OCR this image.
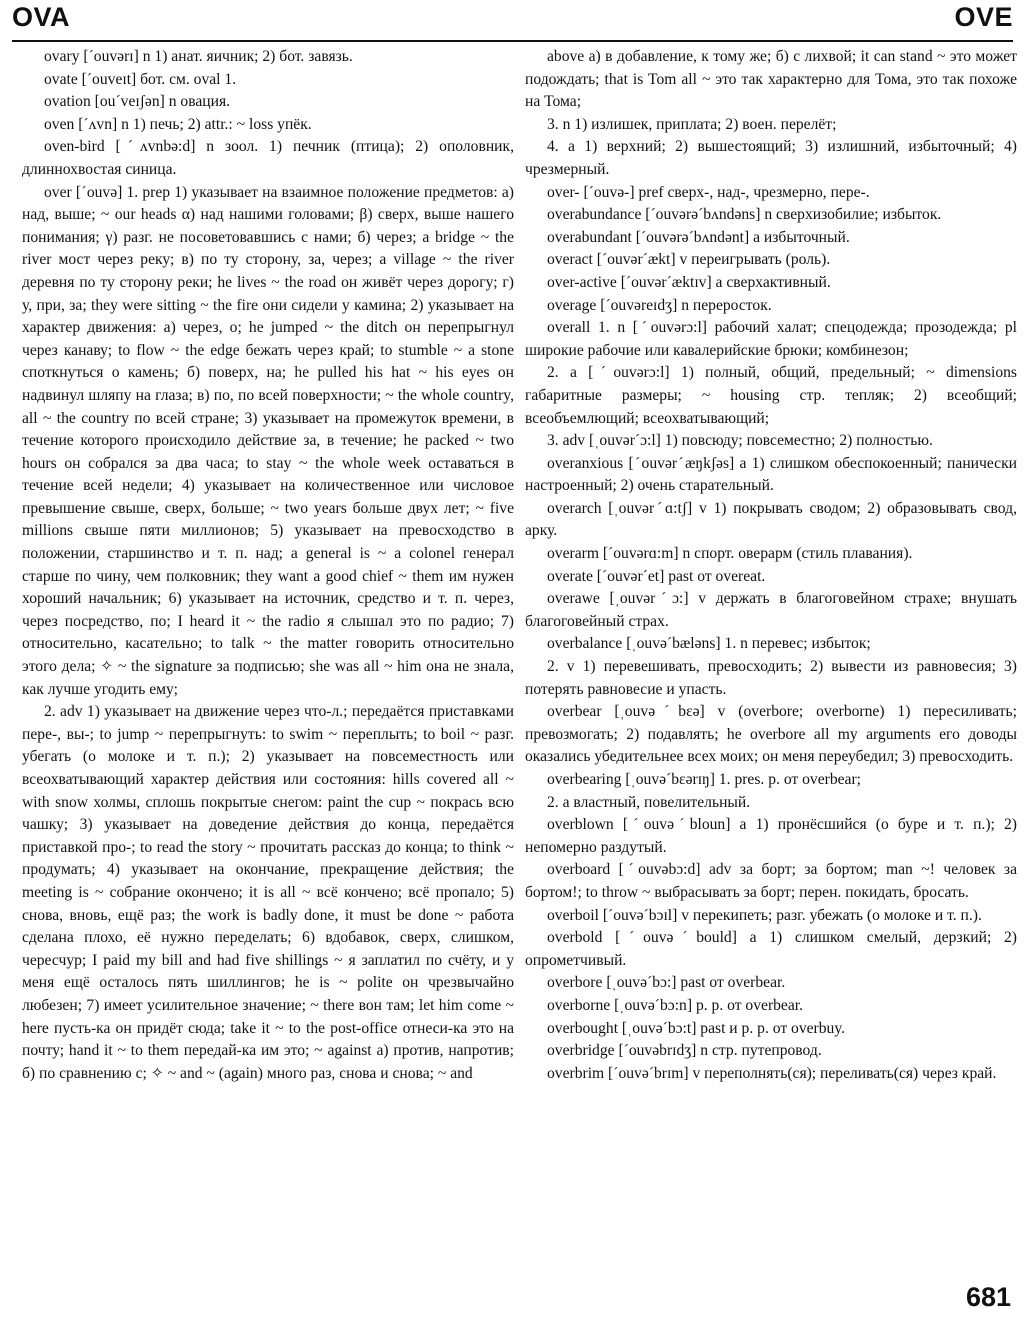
OVA	OVE

ovary [ˊouvərɪ] n 1) анат. яичник; 2) бот. завязь.

ovate [ˊouveɪt] бот. см. oval 1.

ovation [ouˊveɪʃən] n овация.

oven [ˊʌvn] n 1) печь; 2) attr.: ~ loss упёк.

oven-bird [ˊʌvnbə:d] n зоол. 1) печник (птица); 2) ополовник, длиннохвостая синица.

over [ˊouvə] 1. prep 1) указывает на взаимное положение предметов: а) над, выше; ~ our heads α) над нашими головами; β) сверх, выше нашего понимания; γ) разг. не посоветовавшись с нами; б) через; a bridge ~ the river мост через реку; в) по ту сторону, за, через; a village ~ the river деревня по ту сторону реки; he lives ~ the road он живёт через дорогу; г) у, при, за; they were sitting ~ the fire они сидели у камина; 2) указывает на характер движения: а) через, о; he jumped ~ the ditch он перепрыгнул через канаву; to flow ~ the edge бежать через край; to stumble ~ a stone споткнуться о камень; б) поверх, на; he pulled his hat ~ his eyes он надвинул шляпу на глаза; в) по, по всей поверхности; ~ the whole country, all ~ the country по всей стране; 3) указывает на промежуток времени, в течение которого происходило действие за, в течение; he packed ~ two hours он собрался за два часа; to stay ~ the whole week оставаться в течение всей недели; 4) указывает на количественное или числовое превышение свыше, сверх, больше; ~ two years больше двух лет; ~ five millions свыше пяти миллионов; 5) указывает на превосходство в положении, старшинство и т. п. над; a general is ~ a colonel генерал старше по чину, чем полковник; they want a good chief ~ them им нужен хороший начальник; 6) указывает на источник, средство и т. п. через, через посредство, по; I heard it ~ the radio я слышал это по радио; 7) относительно, касательно; to talk ~ the matter говорить относительно этого дела; ✧ ~ the signature за подписью; she was all ~ him она не знала, как лучше угодить ему;

2. adv 1) указывает на движение через что-л.; передаётся приставками пере-, вы-; to jump ~ перепрыгнуть: to swim ~ переплыть; to boil ~ разг. убегать (о молоке и т. п.); 2) указывает на повсеместность или всеохватывающий характер действия или состояния: hills covered all ~ with snow холмы, сплошь покрытые снегом: paint the cup ~ покрась всю чашку; 3) указывает на доведение действия до конца, передаётся приставкой про-; to read the story ~ прочитать рассказ до конца; to think ~ продумать; 4) указывает на окончание, прекращение действия; the meeting is ~ собрание окончено; it is all ~ всё кончено; всё пропало; 5) снова, вновь, ещё раз; the work is badly done, it must be done ~ работа сделана плохо, её нужно переделать; 6) вдобавок, сверх, слишком, чересчур; I paid my bill and had five shillings ~ я заплатил по счёту, и у меня ещё осталось пять шиллингов; he is ~ polite он чрезвычайно любезен; 7) имеет усилительное значение; ~ there вон там; let him come ~ here пусть-ка он придёт сюда; take it ~ to the post-office отнеси-ка это на почту; hand it ~ to them передай-ка им это; ~ against а) против, напротив; б) по сравнению с; ✧ ~ and ~ (again) много раз, снова и снова; ~ and

above а) в добавление, к тому же; б) с лихвой; it can stand ~ это может подождать; that is Tom all ~ это так характерно для Тома, это так похоже на Тома;

3. n 1) излишек, приплата; 2) воен. перелёт;

4. a 1) верхний; 2) вышестоящий; 3) излишний, избыточный; 4) чрезмерный.

over- [ˊouvə-] pref сверх-, над-, чрезмерно, пере-.

overabundance [ˊouvərəˊbʌndəns] n сверхизобилие; избыток.

overabundant [ˊouvərəˊbʌndənt] a избыточный.

overact [ˊouvərˊækt] v переигрывать (роль).

over-active [ˊouvərˊæktɪv] a сверхактивный.

overage [ˊouvəreɪdʒ] n переросток.

overall 1. n [ˊouvərɔ:l] рабочий халат; спецодежда; прозодежда; pl широкие рабочие или кавалерийские брюки; комбинезон;

2. a [ˊouvərɔ:l] 1) полный, общий, предельный; ~ dimensions габаритные размеры; ~ housing стр. тепляк; 2) всеобщий; всеобъемлющий; всеохватывающий;

3. adv [ˌouvərˊɔ:l] 1) повсюду; повсеместно; 2) полностью.

overanxious [ˊouvərˊæŋkʃəs] a 1) слишком обеспокоенный; панически настроенный; 2) очень старательный.

overarch [ˌouvərˊɑ:tʃ] v 1) покрывать сводом; 2) образовывать свод, арку.

overarm [ˊouvərɑ:m] n спорт. оверарм (стиль плавания).

overate [ˊouvərˊet] past от overeat.

overawe [ˌouvərˊɔ:] v держать в благоговейном страхе; внушать благоговейный страх.

overbalance [ˌouvəˊbæləns] 1. n перевес; избыток;

2. v 1) перевешивать, превосходить; 2) вывести из равновесия; 3) потерять равновесие и упасть.

overbear [ˌouvəˊbɛə] v (overbore; overborne) 1) пересиливать; превозмогать; 2) подавлять; he overbore all my arguments его доводы оказались убедительнее всех моих; он меня переубедил; 3) превосходить.

overbearing [ˌouvəˊbɛərɪŋ] 1. pres. p. от overbear;

2. a властный, повелительный.

overblown [ˊouvəˊbloun] a 1) пронёсшийся (о буре и т. п.); 2) непомерно раздутый.

overboard [ˊouvəbɔ:d] adv за борт; за бортом; man ~! человек за бортом!; to throw ~ выбрасывать за борт; перен. покидать, бросать.

overboil [ˊouvəˊbɔɪl] v перекипеть; разг. убежать (о молоке и т. п.).

overbold [ˊouvəˊbould] a 1) слишком смелый, дерзкий; 2) опрометчивый.

overbore [ˌouvəˊbɔ:] past от overbear.

overborne [ˌouvəˊbɔ:n] p. p. от overbear.

overbought [ˌouvəˊbɔ:t] past и p. p. от overbuy.

overbridge [ˊouvəbrɪdʒ] n стр. путепровод.

overbrim [ˊouvəˊbrɪm] v переполнять(ся); переливать(ся) через край.

681
